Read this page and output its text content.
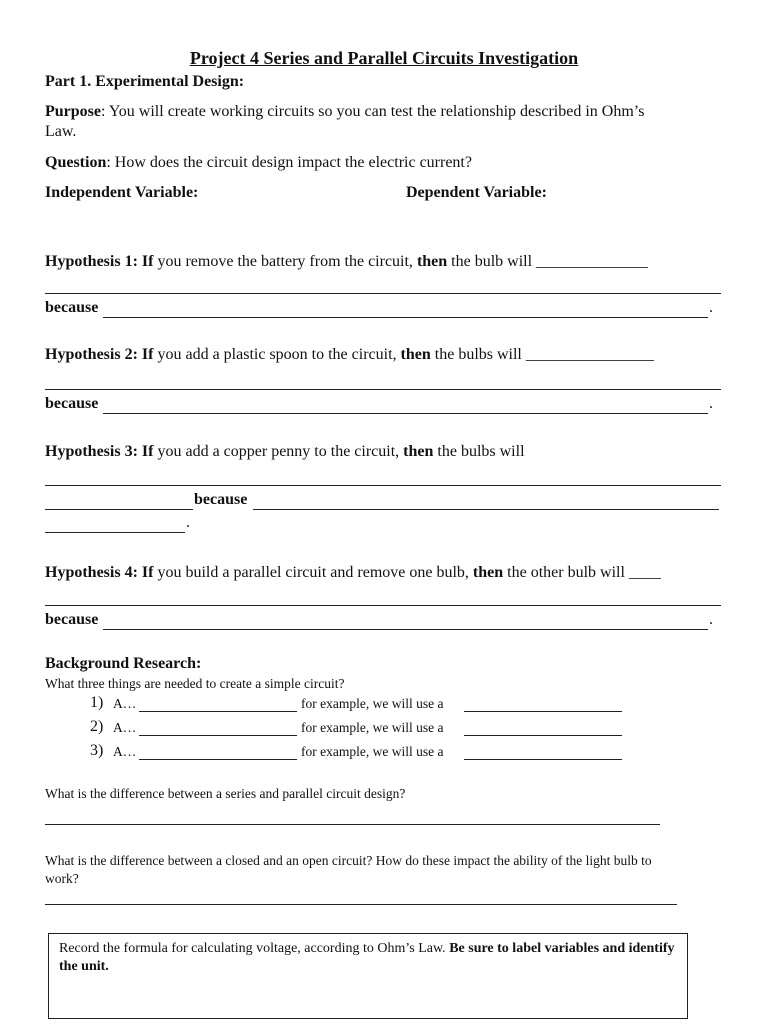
Project 4 Series and Parallel Circuits Investigation
Part 1. Experimental Design:
Purpose: You will create working circuits so you can test the relationship described in Ohm’s
Law.
Question: How does the circuit design impact the electric current?
Independent Variable:	Dependent Variable:
Hypothesis 1: If you remove the battery from the circuit, then the bulb will ______________
because	.
Hypothesis 2: If you add a plastic spoon to the circuit, then the bulbs will ________________
because	.
Hypothesis 3: If you add a copper penny to the circuit, then the bulbs will
because
.
Hypothesis 4: If you build a parallel circuit and remove one bulb, then the other bulb will ____
because	.
Background Research:
What three things are needed to create a simple circuit?
1) A…	for example, we will use a
2) A…	for example, we will use a
3) A…	for example, we will use a
What is the difference between a series and parallel circuit design?
What is the difference between a closed and an open circuit? How do these impact the ability of the light bulb to
work?
Record the formula for calculating voltage, according to Ohm’s Law. Be sure to label variables and identify the unit.
